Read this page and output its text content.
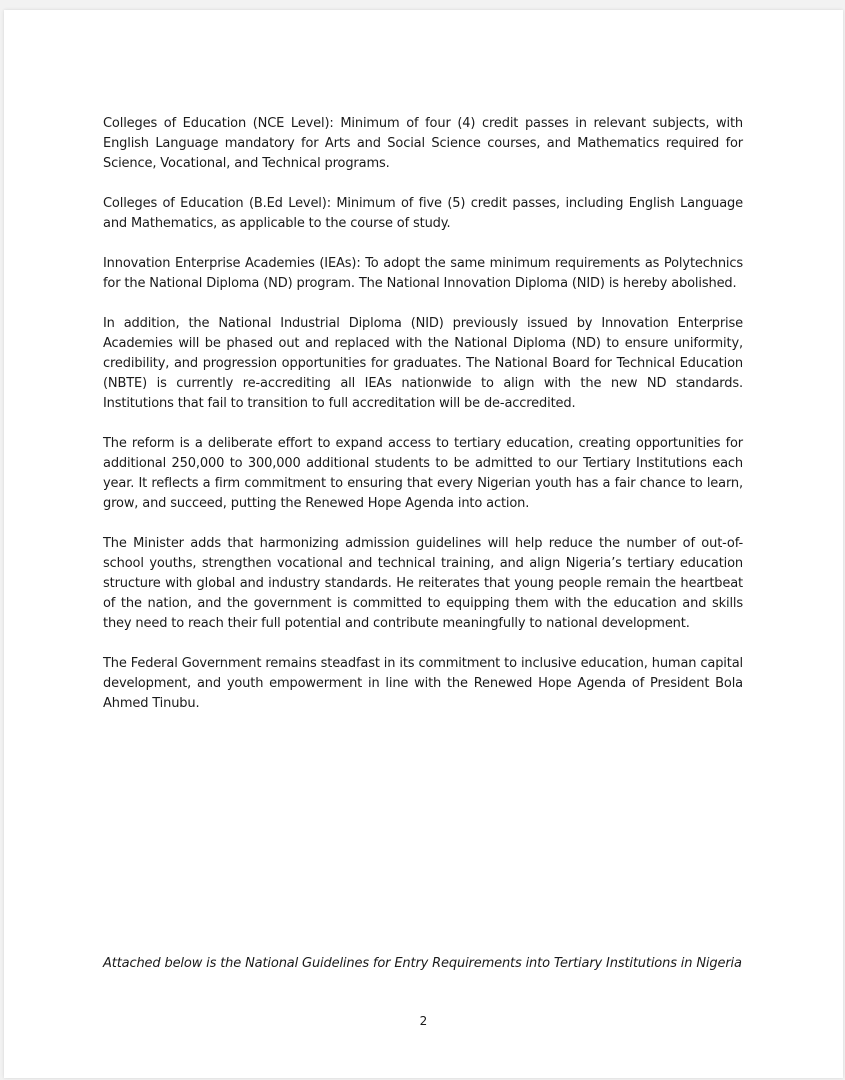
Colleges of Education (NCE Level): Minimum of four (4) credit passes in relevant subjects, with English Language mandatory for Arts and Social Science courses, and Mathematics required for Science, Vocational, and Technical programs.

Colleges of Education (B.Ed Level): Minimum of five (5) credit passes, including English Language and Mathematics, as applicable to the course of study.

Innovation Enterprise Academies (IEAs): To adopt the same minimum requirements as Polytechnics for the National Diploma (ND) program. The National Innovation Diploma (NID) is hereby abolished.

In addition, the National Industrial Diploma (NID) previously issued by Innovation Enterprise Academies will be phased out and replaced with the National Diploma (ND) to ensure uniformity, credibility, and progression opportunities for graduates. The National Board for Technical Education (NBTE) is currently re-accrediting all IEAs nationwide to align with the new ND standards. Institutions that fail to transition to full accreditation will be de-accredited.

The reform is a deliberate effort to expand access to tertiary education, creating opportunities for additional 250,000 to 300,000 additional students to be admitted to our Tertiary Institutions each year. It reflects a firm commitment to ensuring that every Nigerian youth has a fair chance to learn, grow, and succeed, putting the Renewed Hope Agenda into action.

The Minister adds that harmonizing admission guidelines will help reduce the number of out-of-school youths, strengthen vocational and technical training, and align Nigeria’s tertiary education structure with global and industry standards. He reiterates that young people remain the heartbeat of the nation, and the government is committed to equipping them with the education and skills they need to reach their full potential and contribute meaningfully to national development.

The Federal Government remains steadfast in its commitment to inclusive education, human capital development, and youth empowerment in line with the Renewed Hope Agenda of President Bola Ahmed Tinubu.

Attached below is the National Guidelines for Entry Requirements into Tertiary Institutions in Nigeria

2
